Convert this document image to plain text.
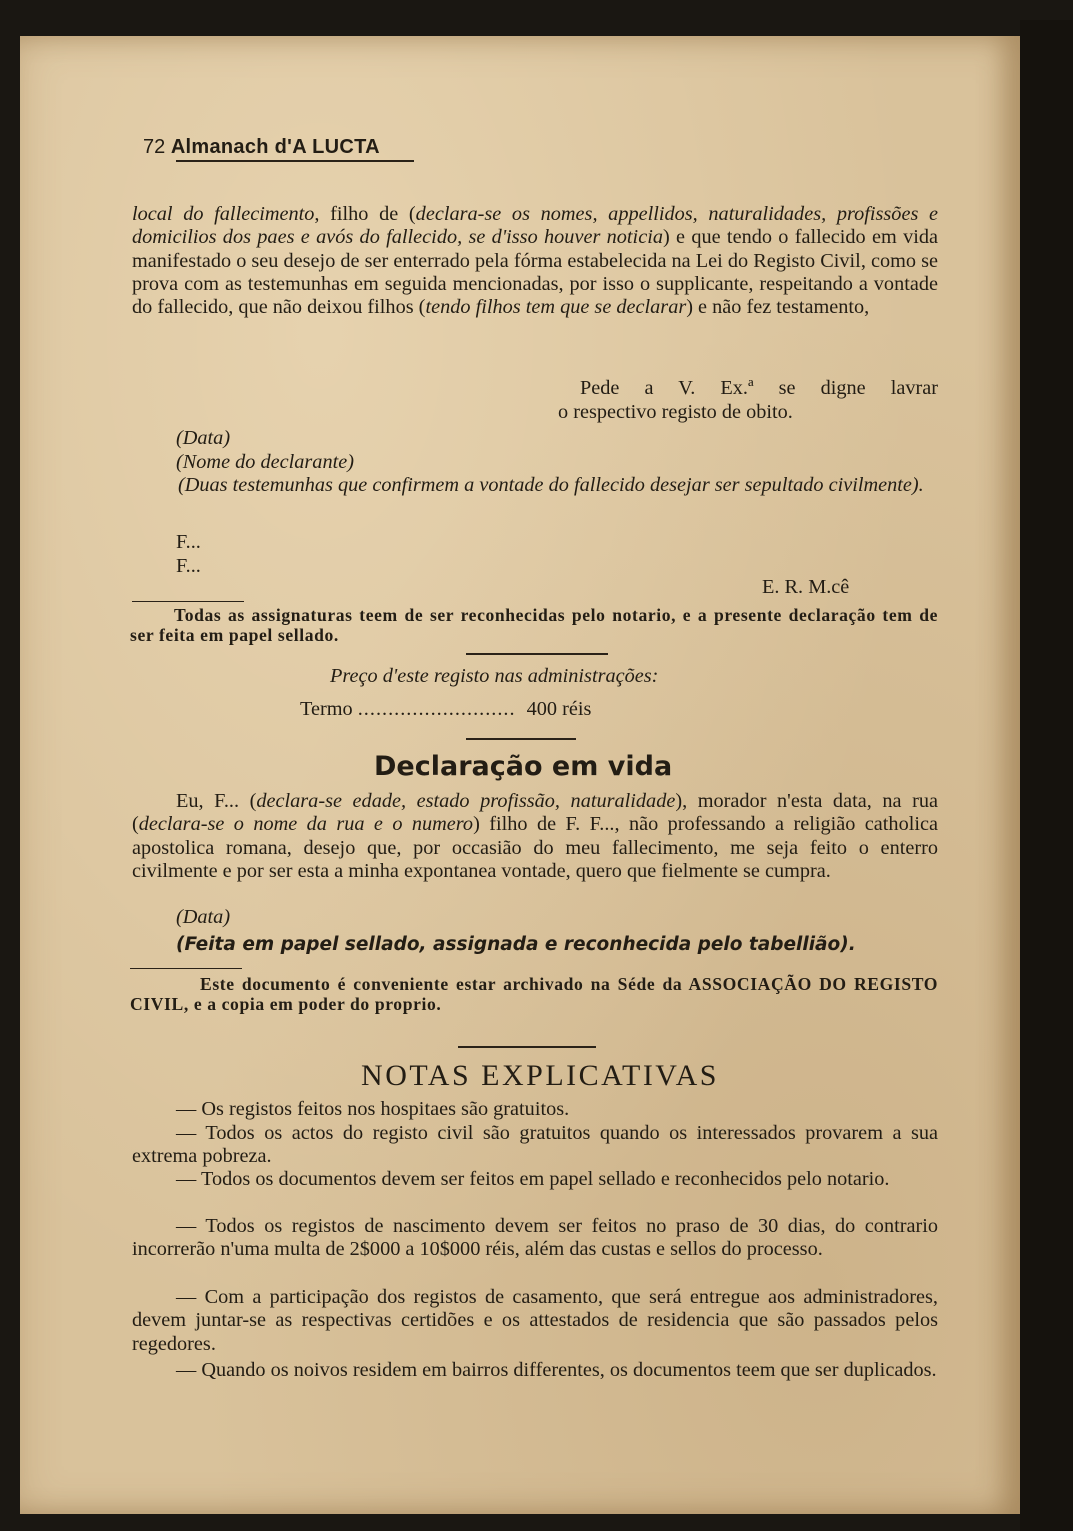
72 Almanach d'A LUCTA
local do fallecimento, filho de (declara-se os nomes, appellidos, naturalidades, profissões e domicilios dos paes e avós do fallecido, se d'isso houver noticia) e que tendo o fallecido em vida manifestado o seu desejo de ser enterrado pela fórma estabelecida na Lei do Registo Civil, como se prova com as testemunhas em seguida mencionadas, por isso o supplicante, respeitando a vontade do fallecido, que não deixou filhos (tendo filhos tem que se declarar) e não fez testamento,
Pede a V. Ex.ª se digne lavrar
o respectivo registo de obito.
(Data)
(Nome do declarante)
(Duas testemunhas que confirmem a vontade do fallecido desejar ser sepultado civilmente).
F...
F...
E. R. M.cê
Todas as assignaturas teem de ser reconhecidas pelo notario, e a presente declaração tem de ser feita em papel sellado.
Preço d'este registo nas administrações:
Termo .......................... 400 réis
Declaração em vida
Eu, F... (declara-se edade, estado profissão, naturalidade), morador n'esta data, na rua (declara-se o nome da rua e o numero) filho de F. F..., não professando a religião catholica apostolica romana, desejo que, por occasião do meu fallecimento, me seja feito o enterro civilmente e por ser esta a minha expontanea vontade, quero que fielmente se cumpra.
(Data)
(Feita em papel sellado, assignada e reconhecida pelo tabellião).
Este documento é conveniente estar archivado na Séde da ASSOCIAÇÃO DO REGISTO CIVIL, e a copia em poder do proprio.
NOTAS EXPLICATIVAS
— Os registos feitos nos hospitaes são gratuitos.
— Todos os actos do registo civil são gratuitos quando os interessados provarem a sua extrema pobreza.
— Todos os documentos devem ser feitos em papel sellado e reconhecidos pelo notario.
— Todos os registos de nascimento devem ser feitos no praso de 30 dias, do contrario incorrerão n'uma multa de 2$000 a 10$000 réis, além das custas e sellos do processo.
— Com a participação dos registos de casamento, que será entregue aos administradores, devem juntar-se as respectivas certidões e os attestados de residencia que são passados pelos regedores.
— Quando os noivos residem em bairros differentes, os documentos teem que ser duplicados.
